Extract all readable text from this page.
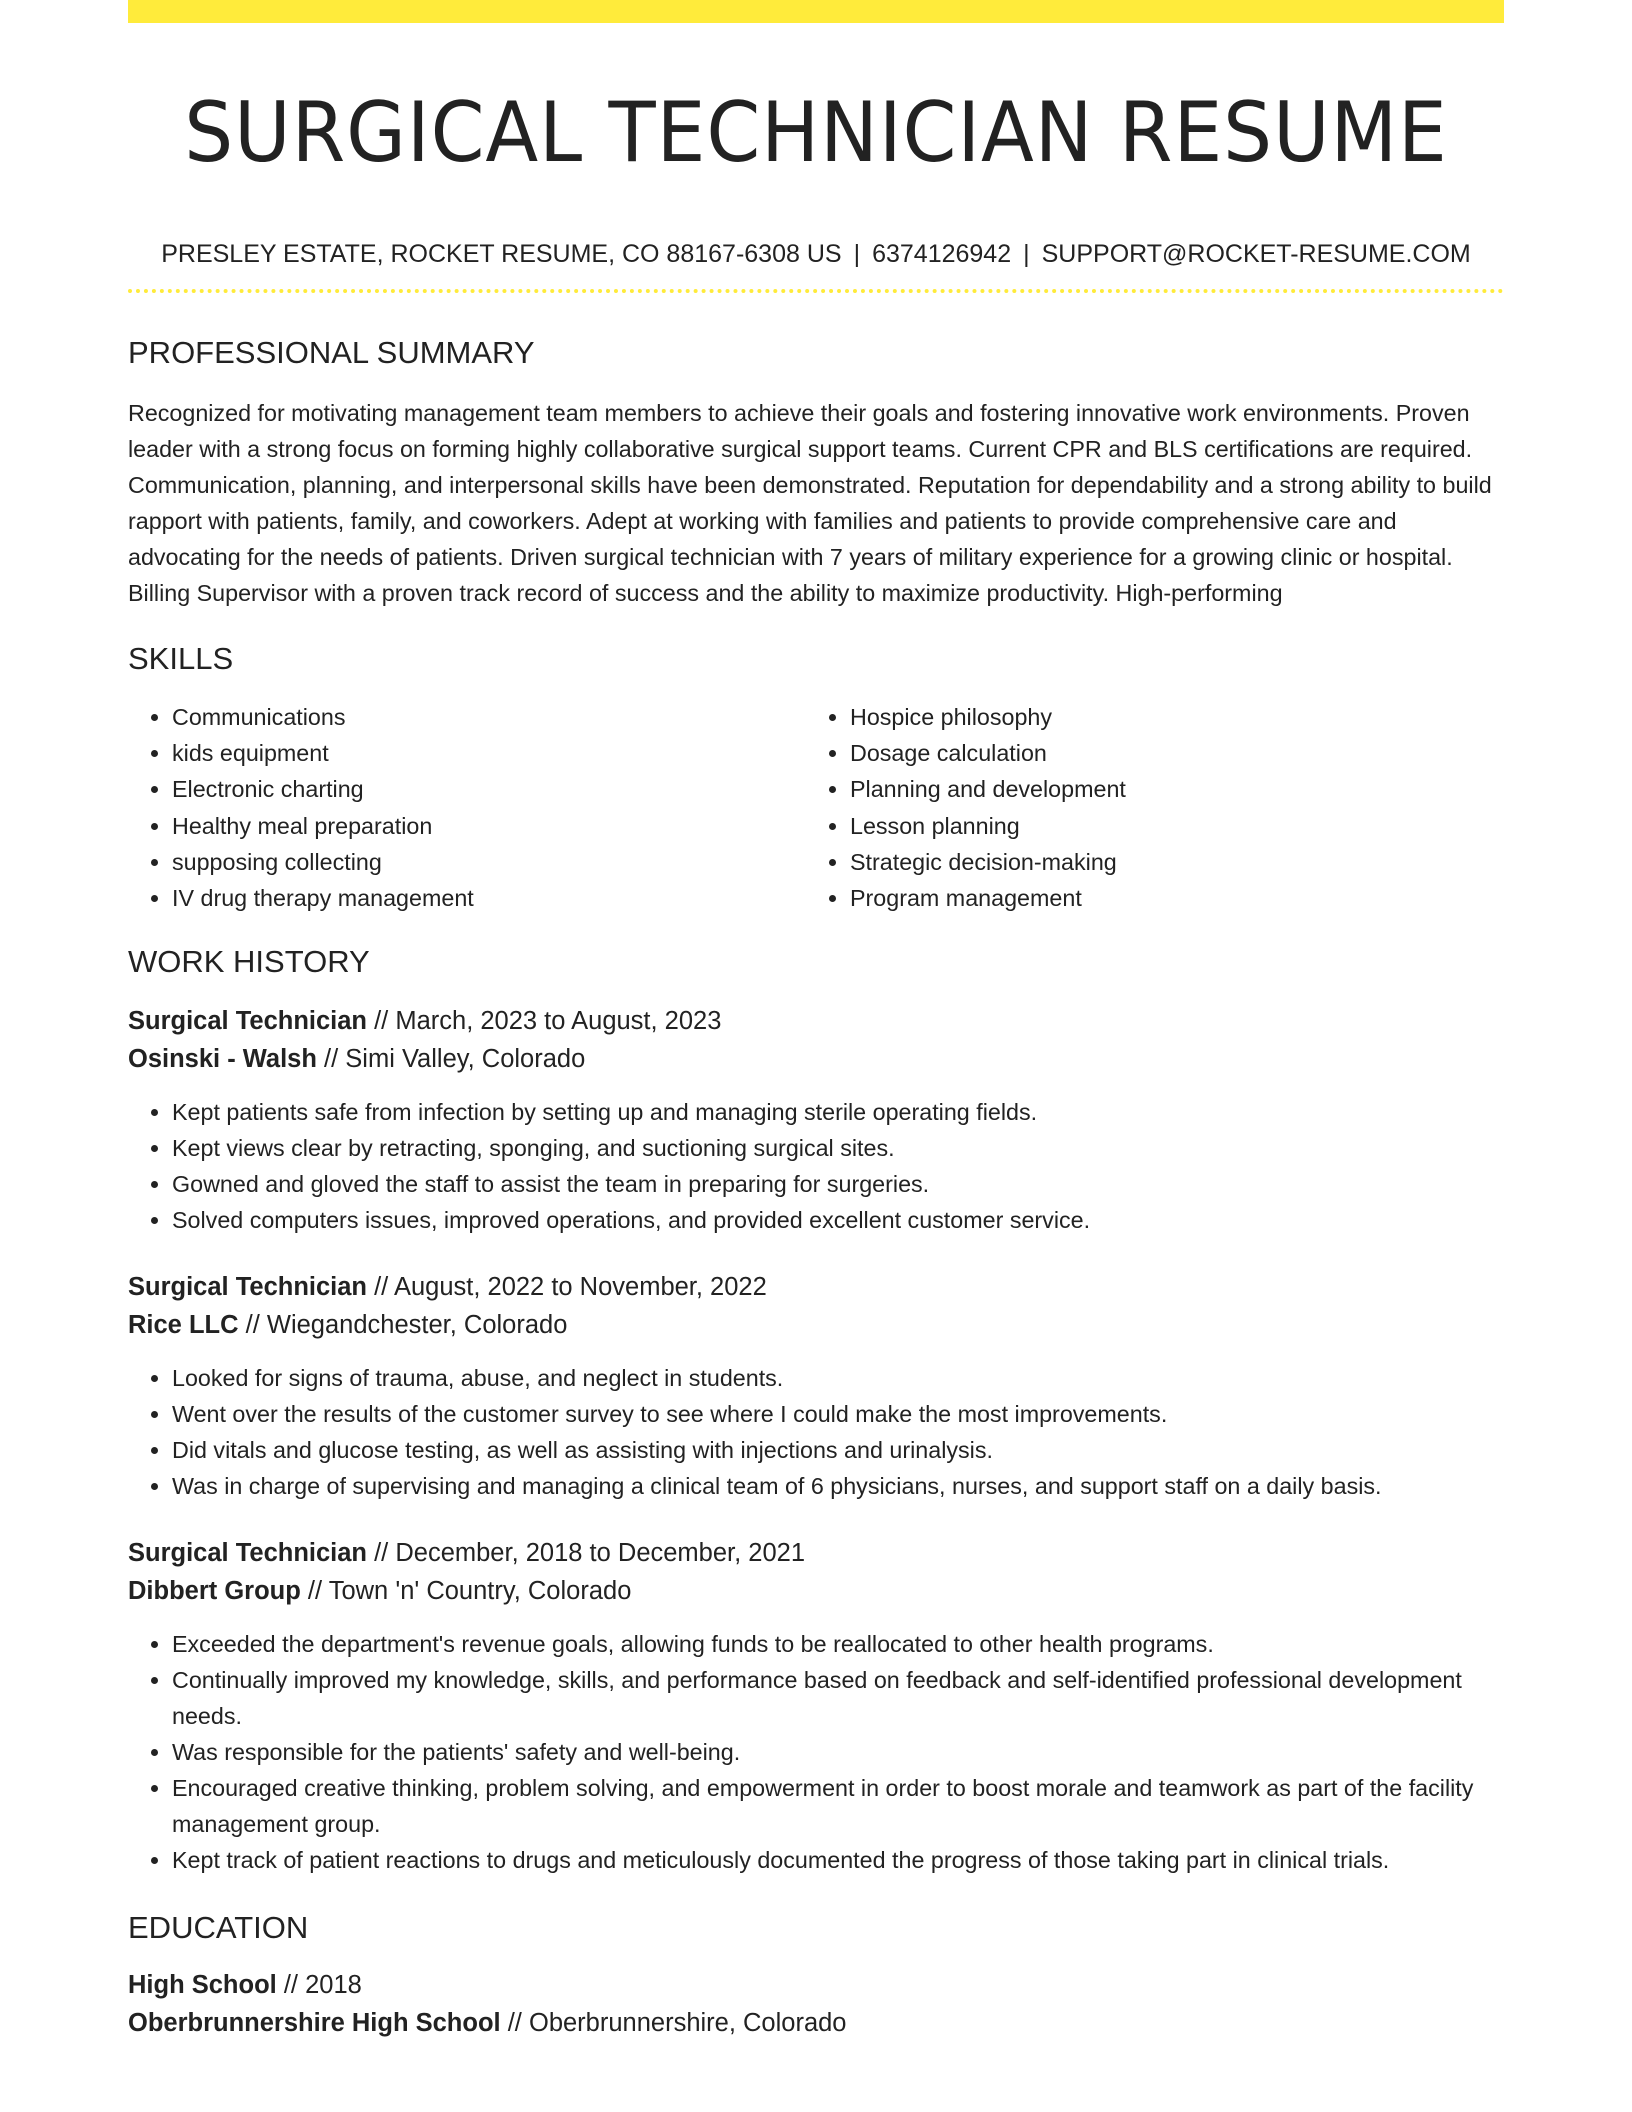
SURGICAL TECHNICIAN RESUME
PRESLEY ESTATE, ROCKET RESUME, CO 88167-6308 US | 6374126942 | SUPPORT@ROCKET-RESUME.COM
PROFESSIONAL SUMMARY
Recognized for motivating management team members to achieve their goals and fostering innovative work environments. Proven leader with a strong focus on forming highly collaborative surgical support teams. Current CPR and BLS certifications are required. Communication, planning, and interpersonal skills have been demonstrated. Reputation for dependability and a strong ability to build rapport with patients, family, and coworkers. Adept at working with families and patients to provide comprehensive care and advocating for the needs of patients. Driven surgical technician with 7 years of military experience for a growing clinic or hospital. Billing Supervisor with a proven track record of success and the ability to maximize productivity. High-performing
SKILLS
• Communications
• kids equipment
• Electronic charting
• Healthy meal preparation
• supposing collecting
• IV drug therapy management
• Hospice philosophy
• Dosage calculation
• Planning and development
• Lesson planning
• Strategic decision-making
• Program management
WORK HISTORY
Surgical Technician // March, 2023 to August, 2023
Osinski - Walsh // Simi Valley, Colorado
• Kept patients safe from infection by setting up and managing sterile operating fields.
• Kept views clear by retracting, sponging, and suctioning surgical sites.
• Gowned and gloved the staff to assist the team in preparing for surgeries.
• Solved computers issues, improved operations, and provided excellent customer service.
Surgical Technician // August, 2022 to November, 2022
Rice LLC // Wiegandchester, Colorado
• Looked for signs of trauma, abuse, and neglect in students.
• Went over the results of the customer survey to see where I could make the most improvements.
• Did vitals and glucose testing, as well as assisting with injections and urinalysis.
• Was in charge of supervising and managing a clinical team of 6 physicians, nurses, and support staff on a daily basis.
Surgical Technician // December, 2018 to December, 2021
Dibbert Group // Town 'n' Country, Colorado
• Exceeded the department's revenue goals, allowing funds to be reallocated to other health programs.
• Continually improved my knowledge, skills, and performance based on feedback and self-identified professional development needs.
• Was responsible for the patients' safety and well-being.
• Encouraged creative thinking, problem solving, and empowerment in order to boost morale and teamwork as part of the facility management group.
• Kept track of patient reactions to drugs and meticulously documented the progress of those taking part in clinical trials.
EDUCATION
High School // 2018
Oberbrunnershire High School // Oberbrunnershire, Colorado
